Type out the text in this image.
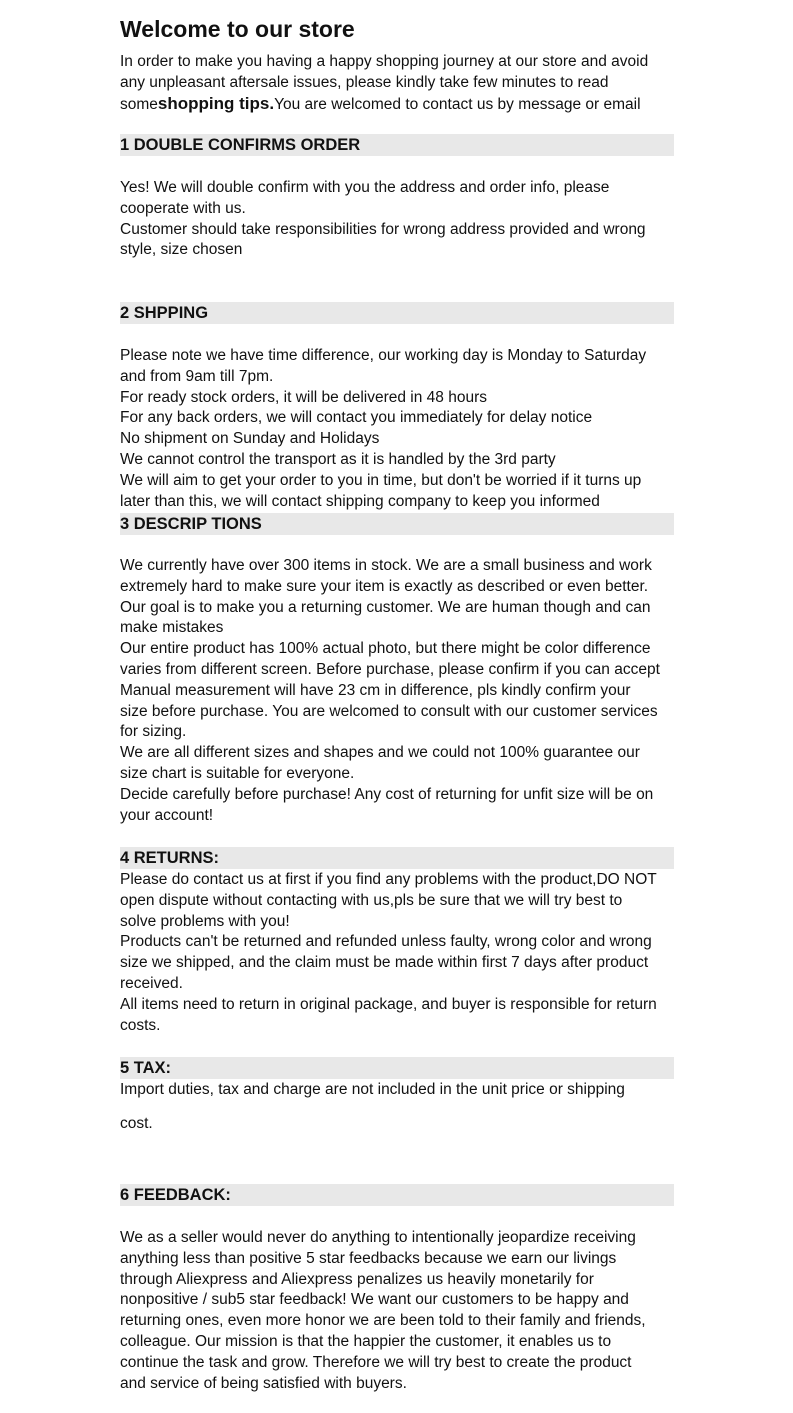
Welcome to our store
In order to make you having a happy shopping journey at our store and avoid any unpleasant aftersale issues, please kindly take few minutes to read someshopping tips.You are welcomed to contact us by message or email
1 DOUBLE CONFIRMS ORDER
Yes! We will double confirm with you the address and order info, please
cooperate with us.
Customer should take responsibilities for wrong address provided and wrong
style, size chosen
2 SHPPING
Please note we have time difference, our working day is Monday to Saturday
and from 9am till 7pm.
For ready stock orders, it will be delivered in 48 hours
For any back orders, we will contact you immediately for delay notice
No shipment on Sunday and Holidays
We cannot control the transport as it is handled by the 3rd party
We will aim to get your order to you in time, but don't be worried if it turns up
later than this, we will contact shipping company to keep you informed
3 DESCRIP TIONS
We currently have over 300 items in stock. We are a small business and work
extremely hard to make sure your item is exactly as described or even better.
Our goal is to make you a returning customer. We are human though and can
make mistakes
Our entire product has 100% actual photo, but there might be color difference
varies from different screen. Before purchase, please confirm if you can accept
Manual measurement will have 23 cm in difference, pls kindly confirm your
size before purchase. You are welcomed to consult with our customer services
for sizing.
We are all different sizes and shapes and we could not 100% guarantee our
size chart is suitable for everyone.
Decide carefully before purchase! Any cost of returning for unfit size will be on
your account!
4 RETURNS:
Please do contact us at first if you find any problems with the product,DO NOT
open dispute without contacting with us,pls be sure that we will try best to
solve problems with you!
Products can't be returned and refunded unless faulty, wrong color and wrong
size we shipped, and the claim must be made within first 7 days after product
received.
All items need to return in original package, and buyer is responsible for return
costs.
5 TAX:
Import duties, tax and charge are not included in the unit price or shipping
cost.
6 FEEDBACK:
We as a seller would never do anything to intentionally jeopardize receiving
anything less than positive 5 star feedbacks because we earn our livings
through Aliexpress and Aliexpress penalizes us heavily monetarily for
nonpositive / sub5 star feedback! We want our customers to be happy and
returning ones, even more honor we are been told to their family and friends,
colleague. Our mission is that the happier the customer, it enables us to
continue the task and grow. Therefore we will try best to create the product
and service of being satisfied with buyers.
